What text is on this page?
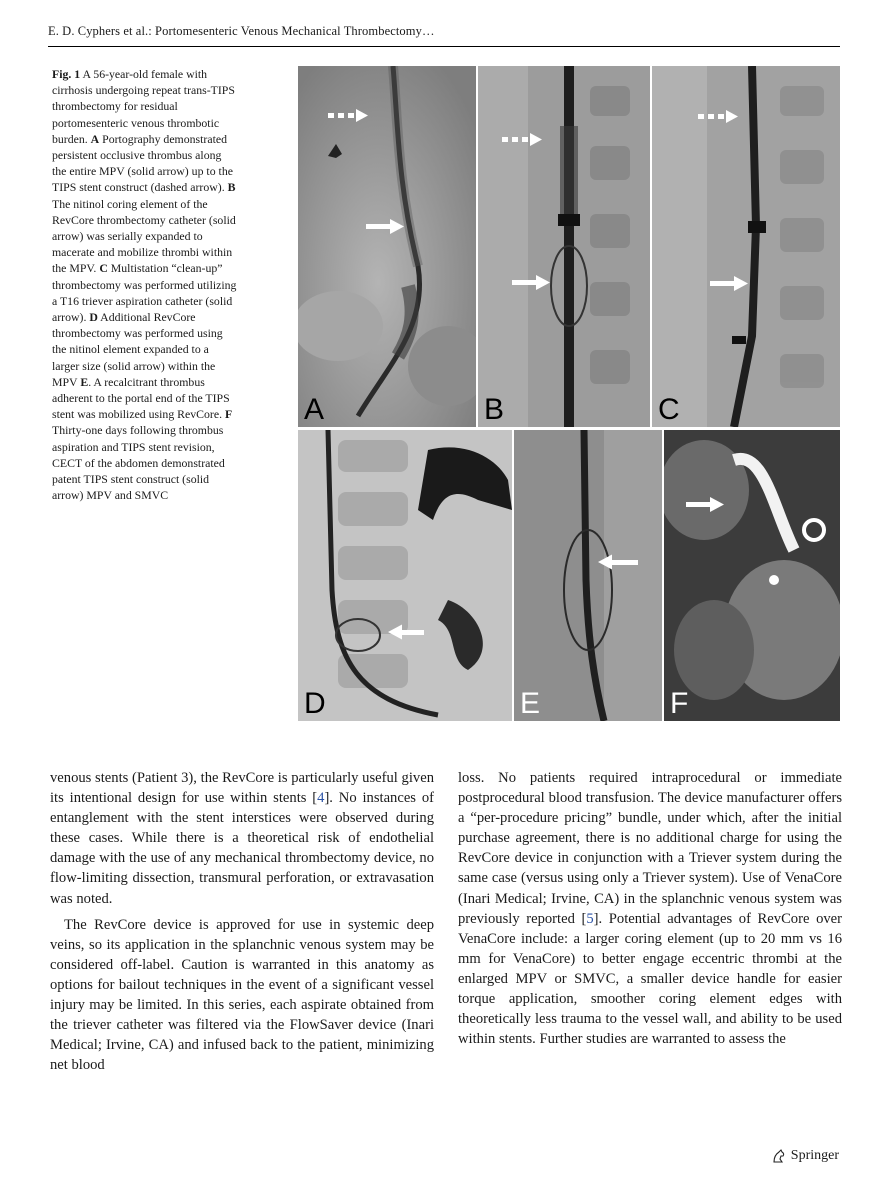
E. D. Cyphers et al.: Portomesenteric Venous Mechanical Thrombectomy…
Fig. 1 A 56-year-old female with cirrhosis undergoing repeat trans-TIPS thrombectomy for residual portomesenteric venous thrombotic burden. A Portography demonstrated persistent occlusive thrombus along the entire MPV (solid arrow) up to the TIPS stent construct (dashed arrow). B The nitinol coring element of the RevCore thrombectomy catheter (solid arrow) was serially expanded to macerate and mobilize thrombi within the MPV. C Multistation “clean-up” thrombectomy was performed utilizing a T16 triever aspiration catheter (solid arrow). D Additional RevCore thrombectomy was performed using the nitinol element expanded to a larger size (solid arrow) within the MPV E. A recalcitrant thrombus adherent to the portal end of the TIPS stent was mobilized using RevCore. F Thirty-one days following thrombus aspiration and TIPS stent revision, CECT of the abdomen demonstrated patent TIPS stent construct (solid arrow) MPV and SMVC
A	B	C
D	E	F

venous stents (Patient 3), the RevCore is particularly useful given its intentional design for use within stents [4]. No instances of entanglement with the stent interstices were observed during these cases. While there is a theoretical risk of endothelial damage with the use of any mechanical thrombectomy device, no flow-limiting dissection, transmural perforation, or extravasation was noted.

The RevCore device is approved for use in systemic deep veins, so its application in the splanchnic venous system may be considered off-label. Caution is warranted in this anatomy as options for bailout techniques in the event of a significant vessel injury may be limited. In this series, each aspirate obtained from the triever catheter was filtered via the FlowSaver device (Inari Medical; Irvine, CA) and infused back to the patient, minimizing net blood

loss. No patients required intraprocedural or immediate postprocedural blood transfusion. The device manufacturer offers a “per-procedure pricing” bundle, under which, after the initial purchase agreement, there is no additional charge for using the RevCore device in conjunction with a Triever system during the same case (versus using only a Triever system). Use of VenaCore (Inari Medical; Irvine, CA) in the splanchnic venous system was previously reported [5]. Potential advantages of RevCore over VenaCore include: a larger coring element (up to 20 mm vs 16 mm for VenaCore) to better engage eccentric thrombi at the enlarged MPV or SMVC, a smaller device handle for easier torque application, smoother coring element edges with theoretically less trauma to the vessel wall, and ability to be used within stents. Further studies are warranted to assess the

Springer
